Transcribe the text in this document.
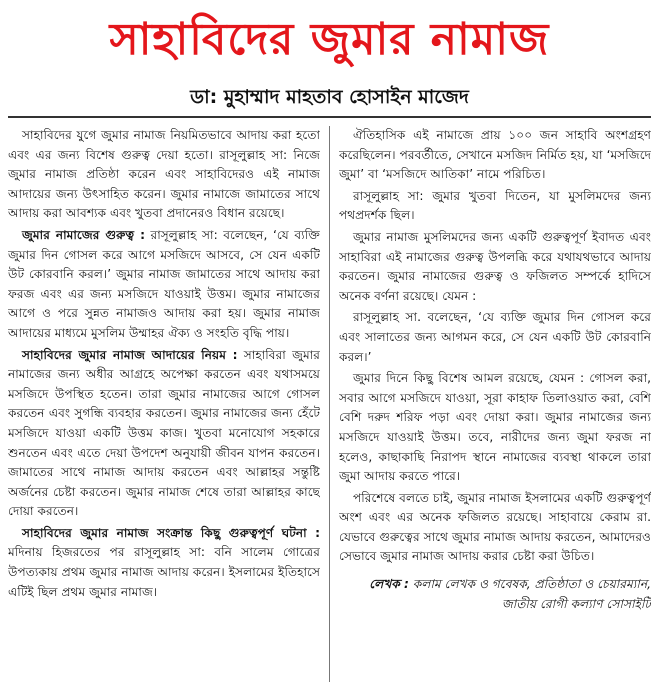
সাহাবিদের জুমার নামাজ
ডা: মুহাম্মাদ মাহতাব হোসাইন মাজেদ

সাহাবিদের যুগে জুমার নামাজ নিয়মিতভাবে আদায় করা হতো এবং এর জন্য বিশেষ গুরুত্ব দেয়া হতো। রাসূলুল্লাহ সা: নিজে জুমার নামাজ প্রতিষ্ঠা করেন এবং সাহাবিদেরও এই নামাজ আদায়ের জন্য উৎসাহিত করেন। জুমার নামাজে জামাতের সাথে আদায় করা আবশ্যক এবং খুতবা প্রদানেরও বিধান রয়েছে।

জুমার নামাজের গুরুত্ব : রাসূলুল্লাহ সা: বলেছেন, ‘যে ব্যক্তি জুমার দিন গোসল করে আগে মসজিদে আসবে, সে যেন একটি উট কোরবানি করল।’ জুমার নামাজ জামাতের সাথে আদায় করা ফরজ এবং এর জন্য মসজিদে যাওয়াই উত্তম। জুমার নামাজের আগে ও পরে সুন্নত নামাজও আদায় করা হয়। জুমার নামাজ আদায়ের মাধ্যমে মুসলিম উম্মাহর ঐক্য ও সংহতি বৃদ্ধি পায়।

সাহাবিদের জুমার নামাজ আদায়ের নিয়ম : সাহাবিরা জুমার নামাজের জন্য অধীর আগ্রহে অপেক্ষা করতেন এবং যথাসময়ে মসজিদে উপস্থিত হতেন। তারা জুমার নামাজের আগে গোসল করতেন এবং সুগন্ধি ব্যবহার করতেন। জুমার নামাজের জন্য হেঁটে মসজিদে যাওয়া একটি উত্তম কাজ। খুতবা মনোযোগ সহকারে শুনতেন এবং এতে দেয়া উপদেশ অনুযায়ী জীবন যাপন করতেন। জামাতের সাথে নামাজ আদায় করতেন এবং আল্লাহর সন্তুষ্টি অর্জনের চেষ্টা করতেন। জুমার নামাজ শেষে তারা আল্লাহর কাছে দোয়া করতেন।

সাহাবিদের জুমার নামাজ সংক্রান্ত কিছু গুরুত্বপূর্ণ ঘটনা : মদিনায় হিজরতের পর রাসূলুল্লাহ সা: বনি সালেম গোত্রের উপত্যকায় প্রথম জুমার নামাজ আদায় করেন। ইসলামের ইতিহাসে এটিই ছিল প্রথম জুমার নামাজ।

ঐতিহাসিক এই নামাজে প্রায় ১০০ জন সাহাবি অংশগ্রহণ করেছিলেন। পরবর্তীতে, সেখানে মসজিদ নির্মিত হয়, যা ‘মসজিদে জুমা’ বা ‘মসজিদে আতিকা’ নামে পরিচিত।

রাসূলুল্লাহ সা: জুমার খুতবা দিতেন, যা মুসলিমদের জন্য পথপ্রদর্শক ছিল।

জুমার নামাজ মুসলিমদের জন্য একটি গুরুত্বপূর্ণ ইবাদত এবং সাহাবিরা এই নামাজের গুরুত্ব উপলব্ধি করে যথাযথভাবে আদায় করতেন। জুমার নামাজের গুরুত্ব ও ফজিলত সম্পর্কে হাদিসে অনেক বর্ণনা রয়েছে। যেমন :

রাসূলুল্লাহ সা. বলেছেন, ‘যে ব্যক্তি জুমার দিন গোসল করে এবং সালাতের জন্য আগমন করে, সে যেন একটি উট কোরবানি করল।’

জুমার দিনে কিছু বিশেষ আমল রয়েছে, যেমন : গোসল করা, সবার আগে মসজিদে যাওয়া, সূরা কাহাফ তিলাওয়াত করা, বেশি বেশি দরুদ শরিফ পড়া এবং দোয়া করা। জুমার নামাজের জন্য মসজিদে যাওয়াই উত্তম। তবে, নারীদের জন্য জুমা ফরজ না হলেও, কাছাকাছি নিরাপদ স্থানে নামাজের ব্যবস্থা থাকলে তারা জুমা আদায় করতে পারে।

পরিশেষে বলতে চাই, জুমার নামাজ ইসলামের একটি গুরুত্বপূর্ণ অংশ এবং এর অনেক ফজিলত রয়েছে। সাহাবায়ে কেরাম রা. যেভাবে গুরুত্বের সাথে জুমার নামাজ আদায় করতেন, আমাদেরও সেভাবে জুমার নামাজ আদায় করার চেষ্টা করা উচিত।

লেখক : কলাম লেখক ও গবেষক, প্রতিষ্ঠাতা ও চেয়ারম্যান, জাতীয় রোগী কল্যাণ সোসাইটি
